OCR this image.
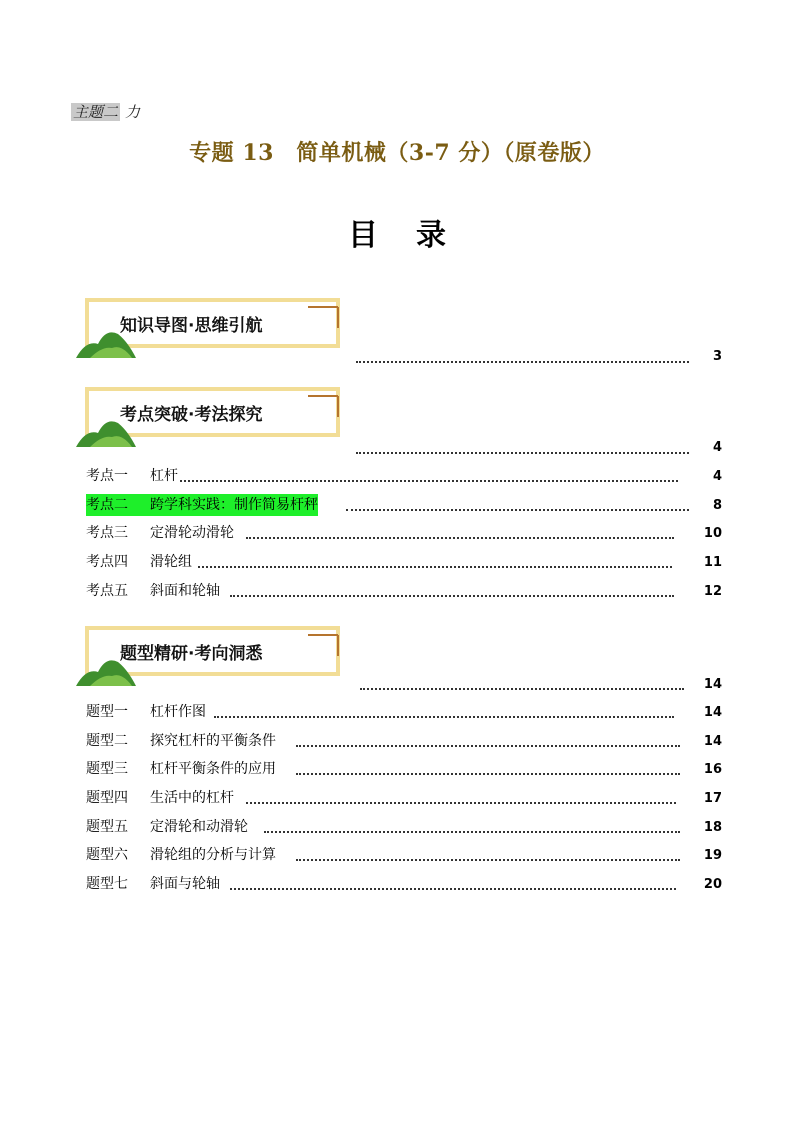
主题二 力
专题 13　简单机械（3-7 分）（原卷版）
目录
知识导图·思维引航
3
考点突破·考法探究
4
考点一 杠杆	4
考点二 跨学科实践：制作简易杆秤	8
考点三 定滑轮动滑轮	10
考点四 滑轮组	11
考点五 斜面和轮轴	12
题型精研·考向洞悉
14
题型一 杠杆作图	14
题型二 探究杠杆的平衡条件	14
题型三 杠杆平衡条件的应用	16
题型四 生活中的杠杆	17
题型五 定滑轮和动滑轮	18
题型六 滑轮组的分析与计算	19
题型七 斜面与轮轴	20
